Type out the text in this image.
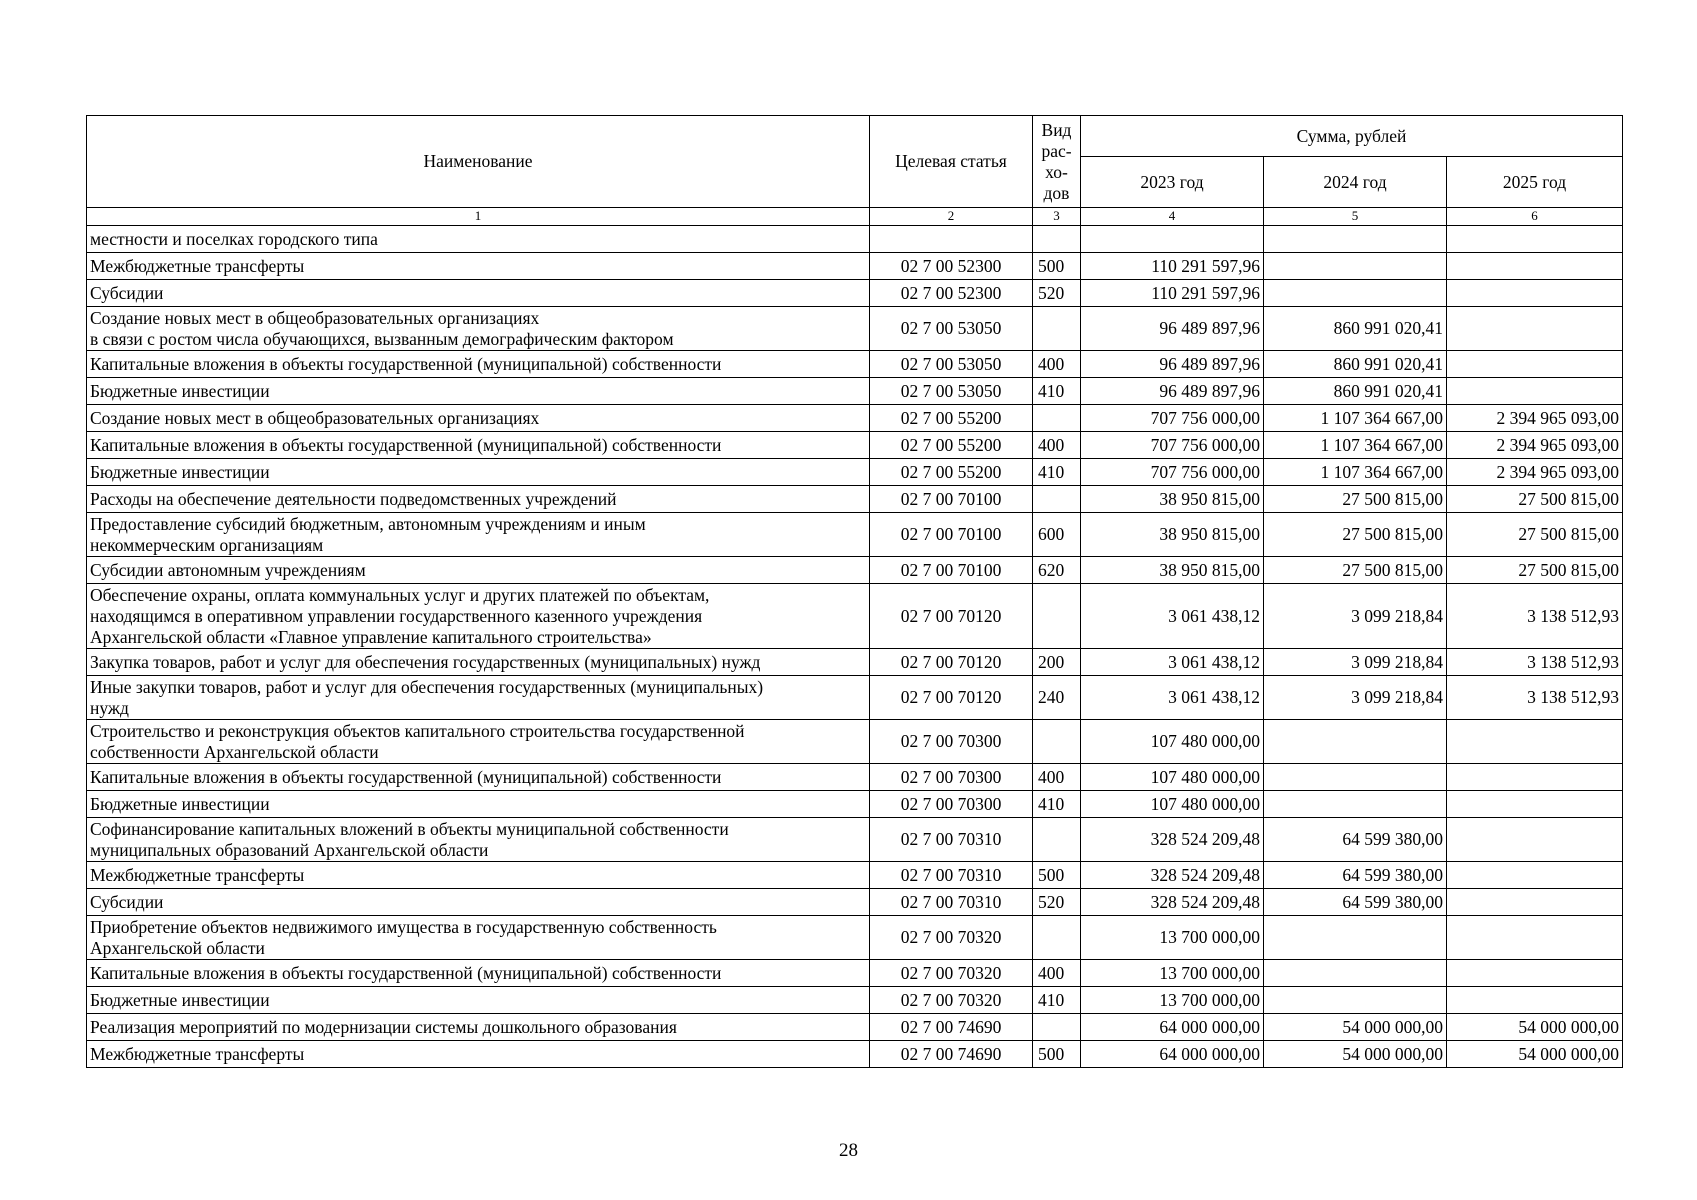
Наименование	Целевая статья	Вид рас-хо-дов	Сумма, рублей		
			2023 год	2024 год	2025 год
1	2	3	4	5	6
местности и поселках городского типа					
Межбюджетные трансферты	02 7 00 52300	500	110 291 597,96		
Субсидии	02 7 00 52300	520	110 291 597,96		
Создание новых мест в общеобразовательных организациях
в связи с ростом числа обучающихся, вызванным демографическим фактором	02 7 00 53050		96 489 897,96	860 991 020,41	
Капитальные вложения в объекты государственной (муниципальной) собственности	02 7 00 53050	400	96 489 897,96	860 991 020,41	
Бюджетные инвестиции	02 7 00 53050	410	96 489 897,96	860 991 020,41	
Создание новых мест в общеобразовательных организациях	02 7 00 55200		707 756 000,00	1 107 364 667,00	2 394 965 093,00
Капитальные вложения в объекты государственной (муниципальной) собственности	02 7 00 55200	400	707 756 000,00	1 107 364 667,00	2 394 965 093,00
Бюджетные инвестиции	02 7 00 55200	410	707 756 000,00	1 107 364 667,00	2 394 965 093,00
Расходы на обеспечение деятельности подведомственных учреждений	02 7 00 70100		38 950 815,00	27 500 815,00	27 500 815,00
Предоставление субсидий бюджетным, автономным учреждениям и иным
некоммерческим организациям	02 7 00 70100	600	38 950 815,00	27 500 815,00	27 500 815,00
Субсидии автономным учреждениям	02 7 00 70100	620	38 950 815,00	27 500 815,00	27 500 815,00
Обеспечение охраны, оплата коммунальных услуг и других платежей по объектам,
находящимся в оперативном управлении государственного казенного учреждения
Архангельской области «Главное управление капитального строительства»	02 7 00 70120		3 061 438,12	3 099 218,84	3 138 512,93
Закупка товаров, работ и услуг для обеспечения государственных (муниципальных) нужд	02 7 00 70120	200	3 061 438,12	3 099 218,84	3 138 512,93
Иные закупки товаров, работ и услуг для обеспечения государственных (муниципальных)
нужд	02 7 00 70120	240	3 061 438,12	3 099 218,84	3 138 512,93
Строительство и реконструкция объектов капитального строительства государственной
собственности Архангельской области	02 7 00 70300		107 480 000,00		
Капитальные вложения в объекты государственной (муниципальной) собственности	02 7 00 70300	400	107 480 000,00		
Бюджетные инвестиции	02 7 00 70300	410	107 480 000,00		
Софинансирование капитальных вложений в объекты муниципальной собственности
муниципальных образований Архангельской области	02 7 00 70310		328 524 209,48	64 599 380,00	
Межбюджетные трансферты	02 7 00 70310	500	328 524 209,48	64 599 380,00	
Субсидии	02 7 00 70310	520	328 524 209,48	64 599 380,00	
Приобретение объектов недвижимого имущества в государственную собственность
Архангельской области	02 7 00 70320		13 700 000,00		
Капитальные вложения в объекты государственной (муниципальной) собственности	02 7 00 70320	400	13 700 000,00		
Бюджетные инвестиции	02 7 00 70320	410	13 700 000,00		
Реализация мероприятий по модернизации системы дошкольного образования	02 7 00 74690		64 000 000,00	54 000 000,00	54 000 000,00
Межбюджетные трансферты	02 7 00 74690	500	64 000 000,00	54 000 000,00	54 000 000,00
28
